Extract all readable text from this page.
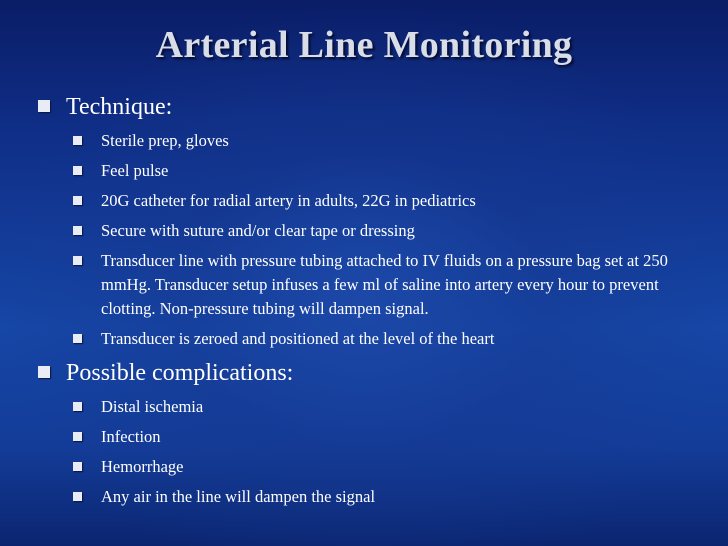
Arterial Line Monitoring
Technique:
Sterile prep, gloves
Feel pulse
20G catheter for radial artery in adults, 22G in pediatrics
Secure with suture and/or clear tape or dressing
Transducer line with pressure tubing attached to IV fluids on a pressure bag set at 250 mmHg. Transducer setup infuses a few ml of saline into artery every hour to prevent clotting. Non-pressure tubing will dampen signal.
Transducer is zeroed and positioned at the level of the heart
Possible complications:
Distal ischemia
Infection
Hemorrhage
Any air in the line will dampen the signal
